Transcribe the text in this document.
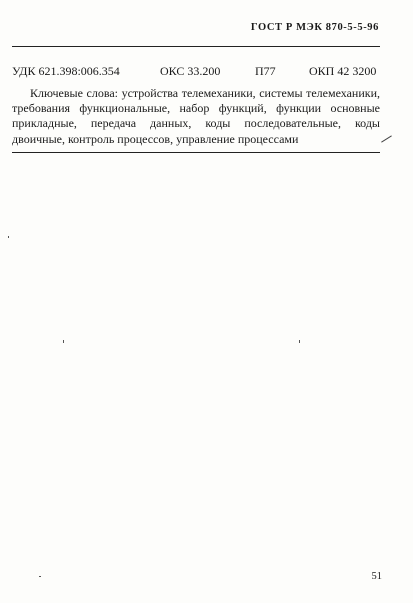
ГОСТ Р МЭК 870-5-5-96
УДК 621.398:006.354	ОКС 33.200	П77	ОКП 42 3200

Ключевые слова: устройства телемеханики, системы телемеханики, требования функциональные, набор функций, функции основные прикладные, передача данных, коды последовательные, коды двоичные, контроль процессов, управление процессами

51
